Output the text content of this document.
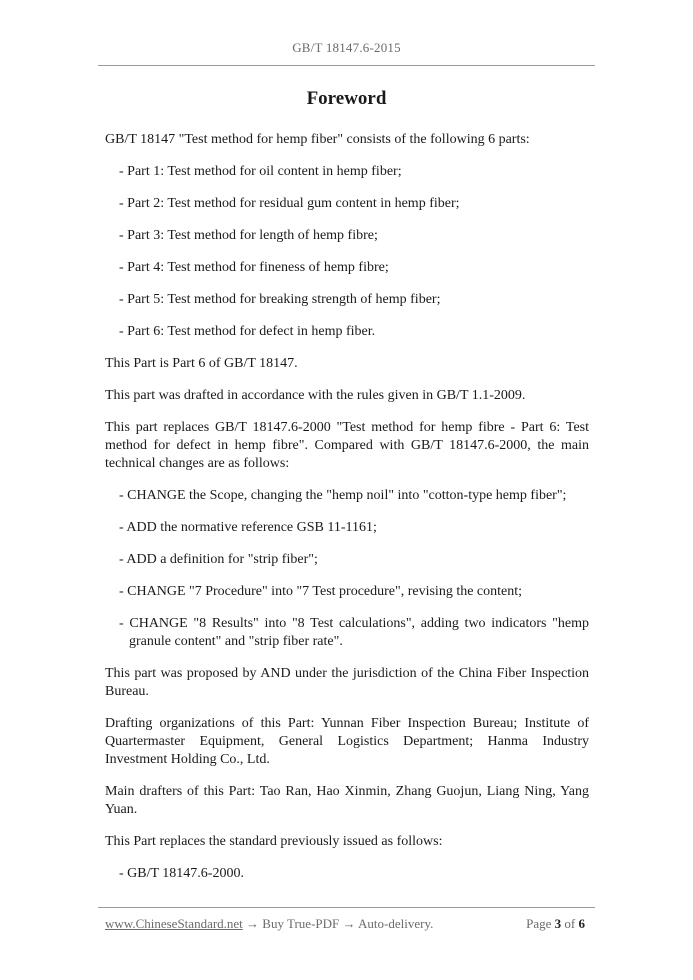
GB/T 18147.6-2015
Foreword

GB/T 18147 "Test method for hemp fiber" consists of the following 6 parts:

- Part 1: Test method for oil content in hemp fiber;

- Part 2: Test method for residual gum content in hemp fiber;

- Part 3: Test method for length of hemp fibre;

- Part 4: Test method for fineness of hemp fibre;

- Part 5: Test method for breaking strength of hemp fiber;

- Part 6: Test method for defect in hemp fiber.

This Part is Part 6 of GB/T 18147.

This part was drafted in accordance with the rules given in GB/T 1.1-2009.

This part replaces GB/T 18147.6-2000 "Test method for hemp fibre - Part 6: Test method for defect in hemp fibre". Compared with GB/T 18147.6-2000, the main technical changes are as follows:

- CHANGE the Scope, changing the "hemp noil" into "cotton-type hemp fiber";

- ADD the normative reference GSB 11-1161;

- ADD a definition for "strip fiber";

- CHANGE "7 Procedure" into "7 Test procedure", revising the content;

- CHANGE "8 Results" into "8 Test calculations", adding two indicators "hemp granule content" and "strip fiber rate".

This part was proposed by AND under the jurisdiction of the China Fiber Inspection Bureau.

Drafting organizations of this Part: Yunnan Fiber Inspection Bureau; Institute of Quartermaster Equipment, General Logistics Department; Hanma Industry Investment Holding Co., Ltd.

Main drafters of this Part: Tao Ran, Hao Xinmin, Zhang Guojun, Liang Ning, Yang Yuan.

This Part replaces the standard previously issued as follows:

- GB/T 18147.6-2000.

www.ChineseStandard.net → Buy True-PDF → Auto-delivery.	Page 3 of 6
